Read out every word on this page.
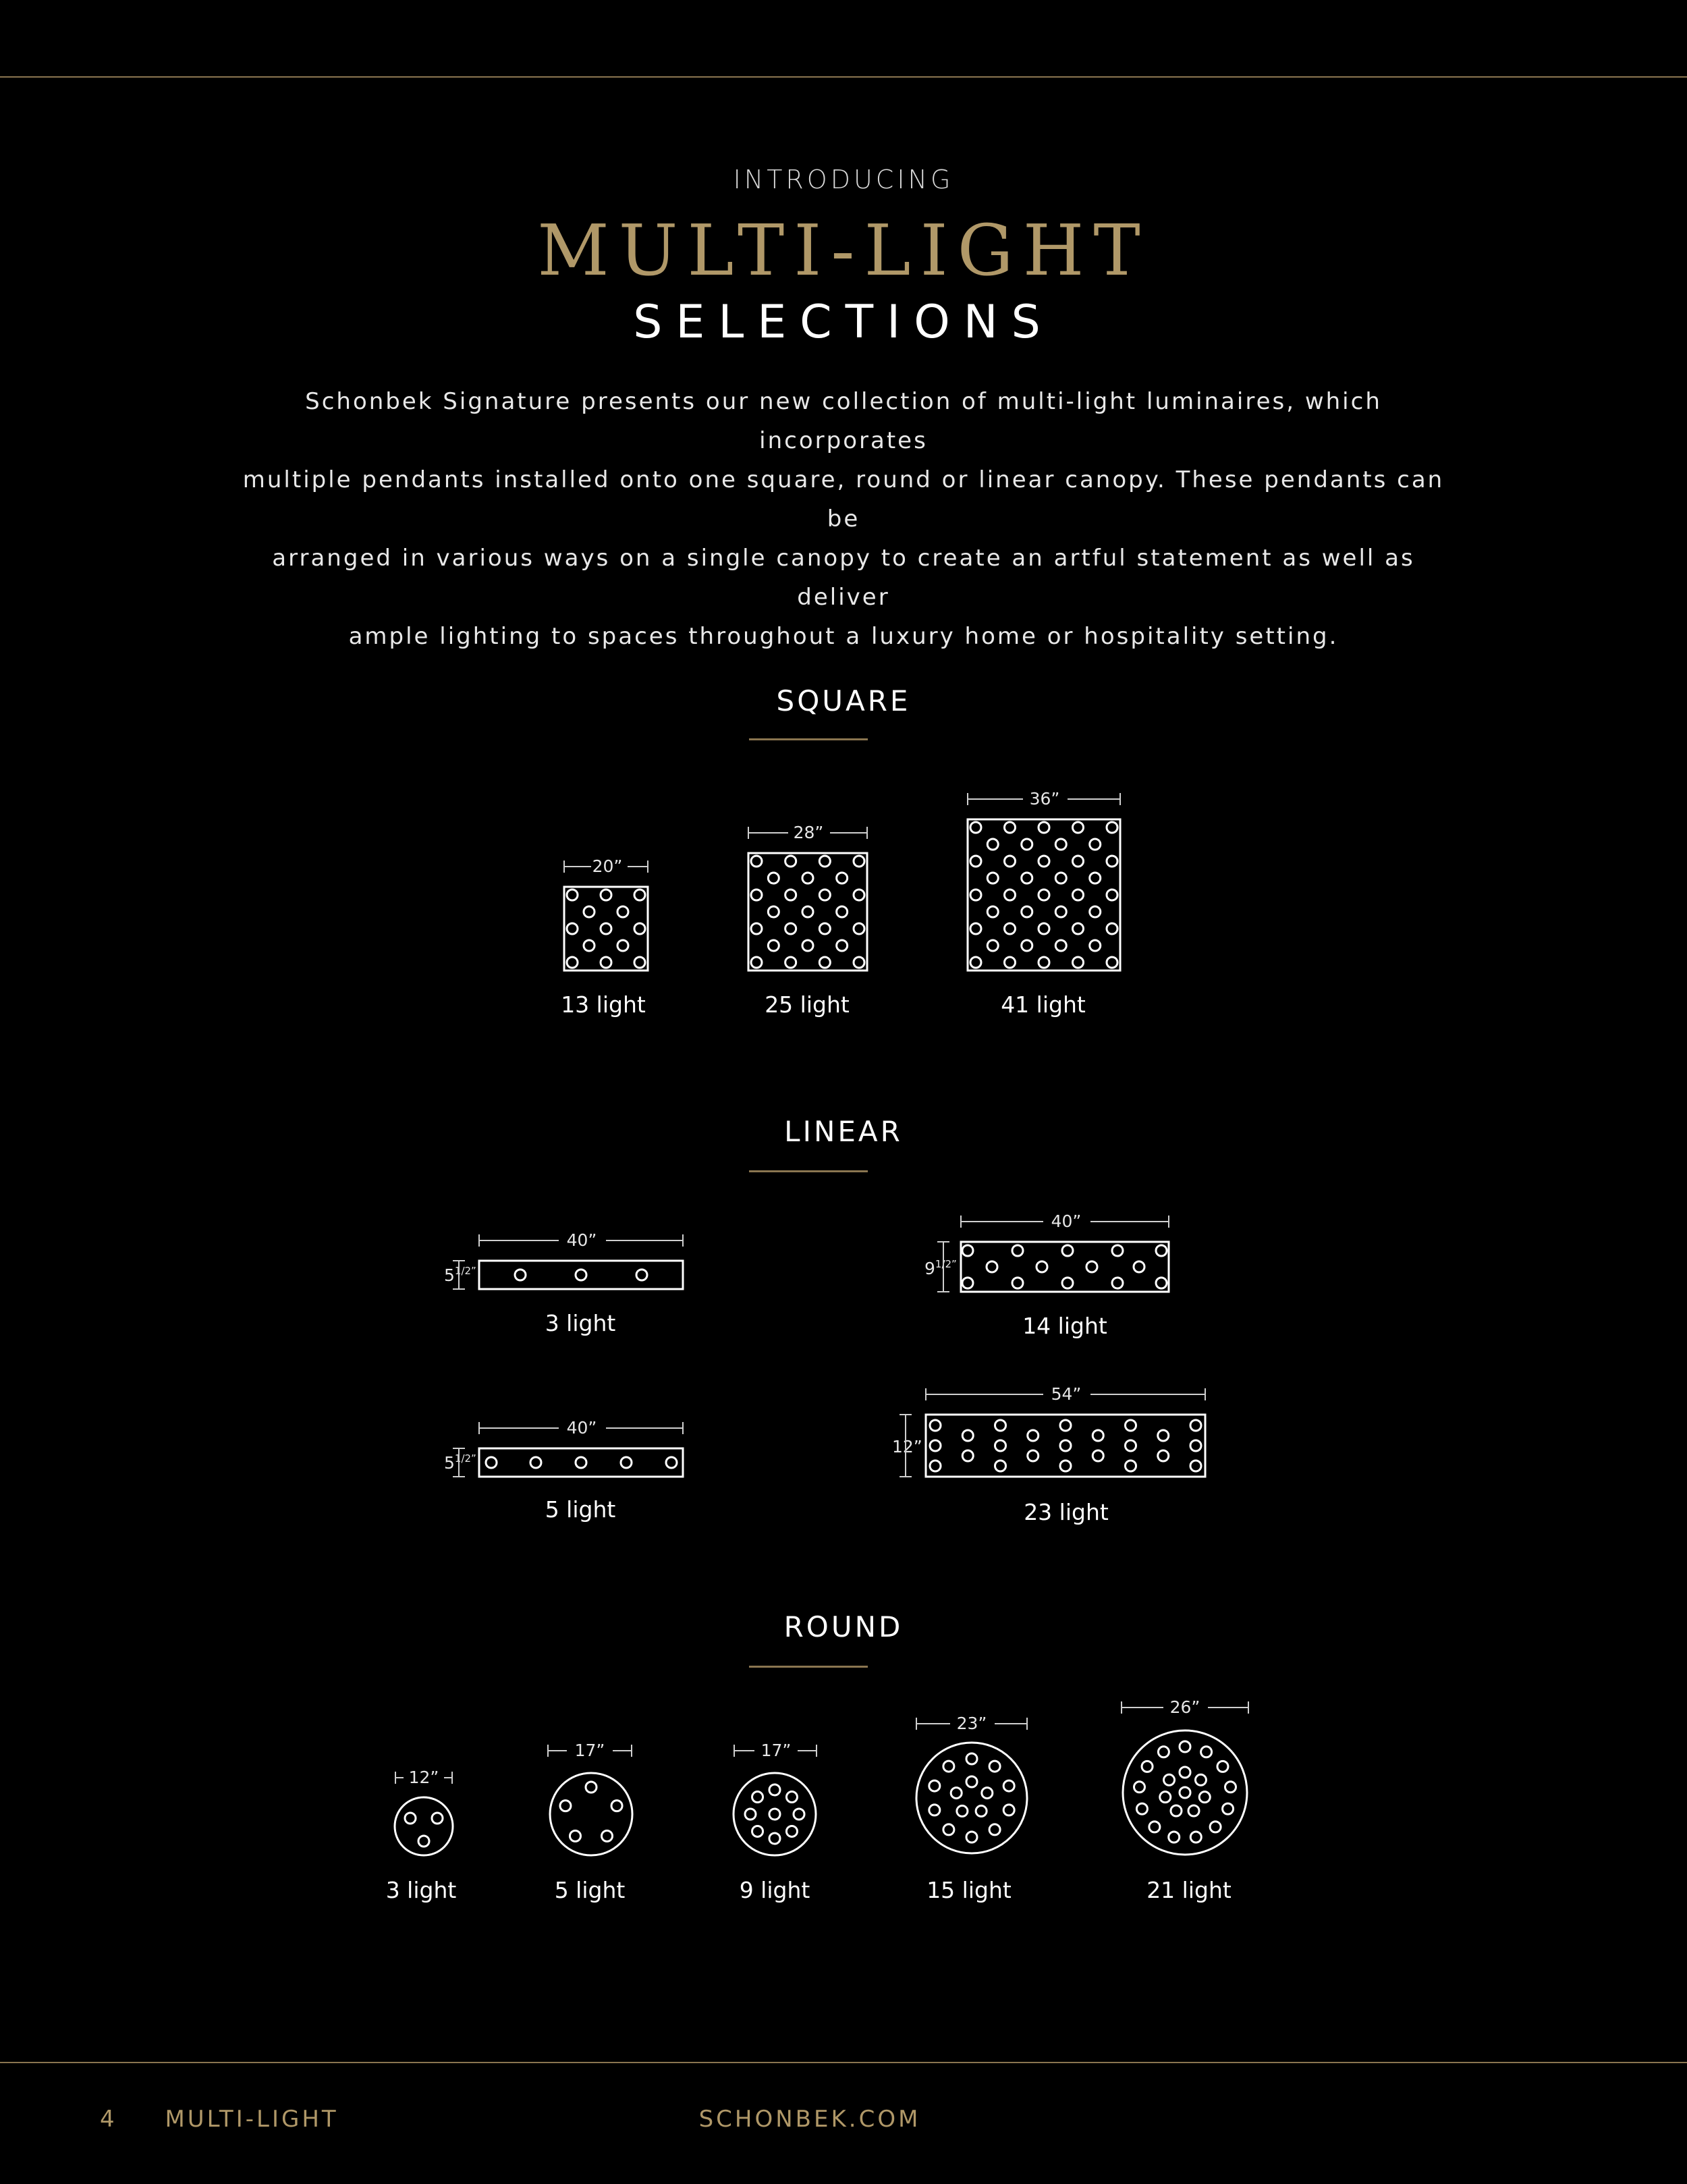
INTRODUCING
MULTI-LIGHT
SELECTIONS
Schonbek Signature presents our new collection of multi-light luminaires, which incorporates
multiple pendants installed onto one square, round or linear canopy. These pendants can be
arranged in various ways on a single canopy to create an artful statement as well as deliver
ample lighting to spaces throughout a luxury home or hospitality setting.
SQUARE
LINEAR
ROUND
20”
13 light
28”
25 light
36”
41 light
40”
$5^{1/2”}$
3 light
40”
$9^{1/2”}$
14 light
40”
$5^{1/2”}$
5 light
54”
12”
23 light
12”
3 light
17”
5 light
17”
9 light
23”
15 light
26”
21 light
4 MULTI-LIGHT	SCHONBEK.COM
